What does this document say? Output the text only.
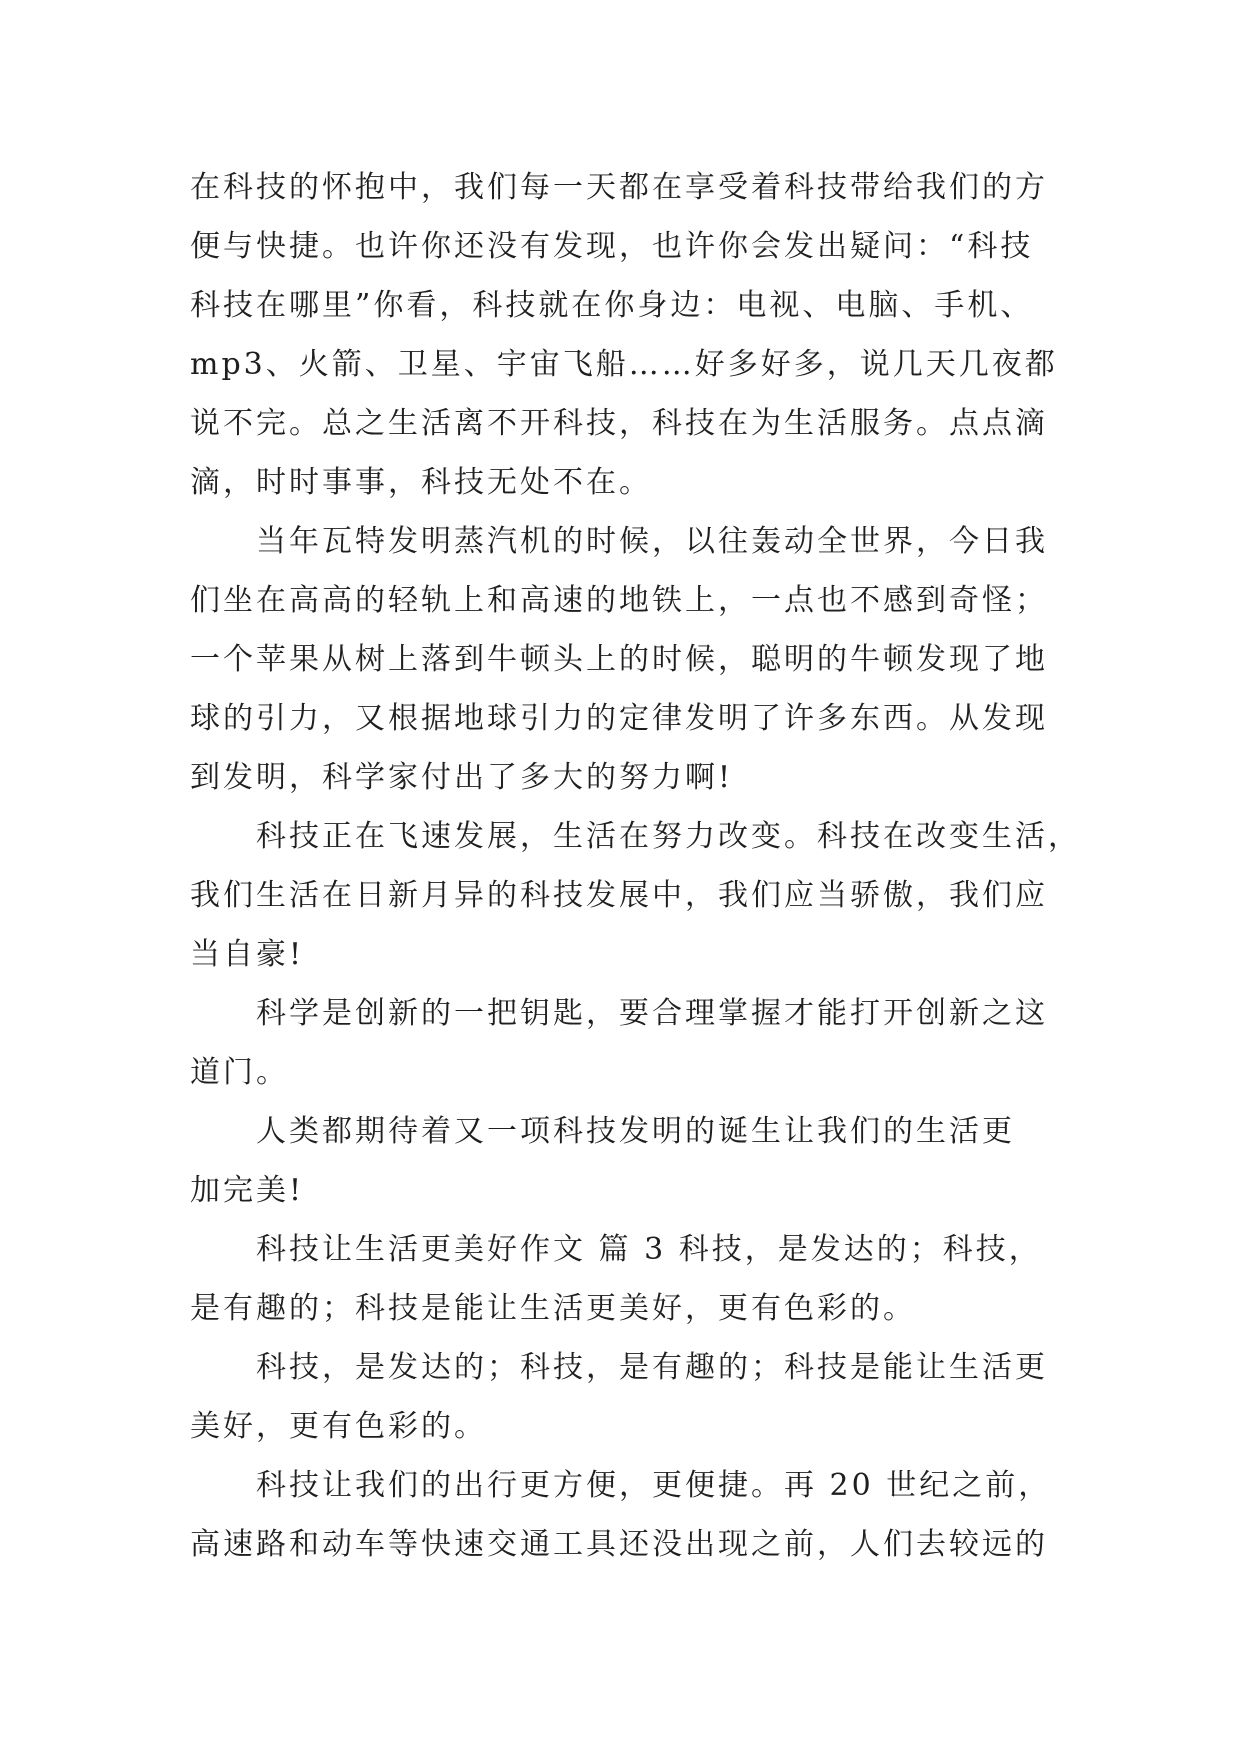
在科技的怀抱中，我们每一天都在享受着科技带给我们的方
便与快捷。也许你还没有发现，也许你会发出疑问：“科技
科技在哪里”你看，科技就在你身边：电视、电脑、手机、
mp3、火箭、卫星、宇宙飞船……好多好多，说几天几夜都
说不完。总之生活离不开科技，科技在为生活服务。点点滴
滴，时时事事，科技无处不在。

当年瓦特发明蒸汽机的时候，以往轰动全世界，今日我
们坐在高高的轻轨上和高速的地铁上，一点也不感到奇怪；
一个苹果从树上落到牛顿头上的时候，聪明的牛顿发现了地
球的引力，又根据地球引力的定律发明了许多东西。从发现
到发明，科学家付出了多大的努力啊!

科技正在飞速发展，生活在努力改变。科技在改变生活，
我们生活在日新月异的科技发展中，我们应当骄傲，我们应
当自豪!

科学是创新的一把钥匙，要合理掌握才能打开创新之这
道门。

人类都期待着又一项科技发明的诞生让我们的生活更
加完美!

科技让生活更美好作文 篇 3 科技，是发达的；科技，
是有趣的；科技是能让生活更美好，更有色彩的。

科技，是发达的；科技，是有趣的；科技是能让生活更
美好，更有色彩的。

科技让我们的出行更方便，更便捷。再 20 世纪之前，
高速路和动车等快速交通工具还没出现之前，人们去较远的
